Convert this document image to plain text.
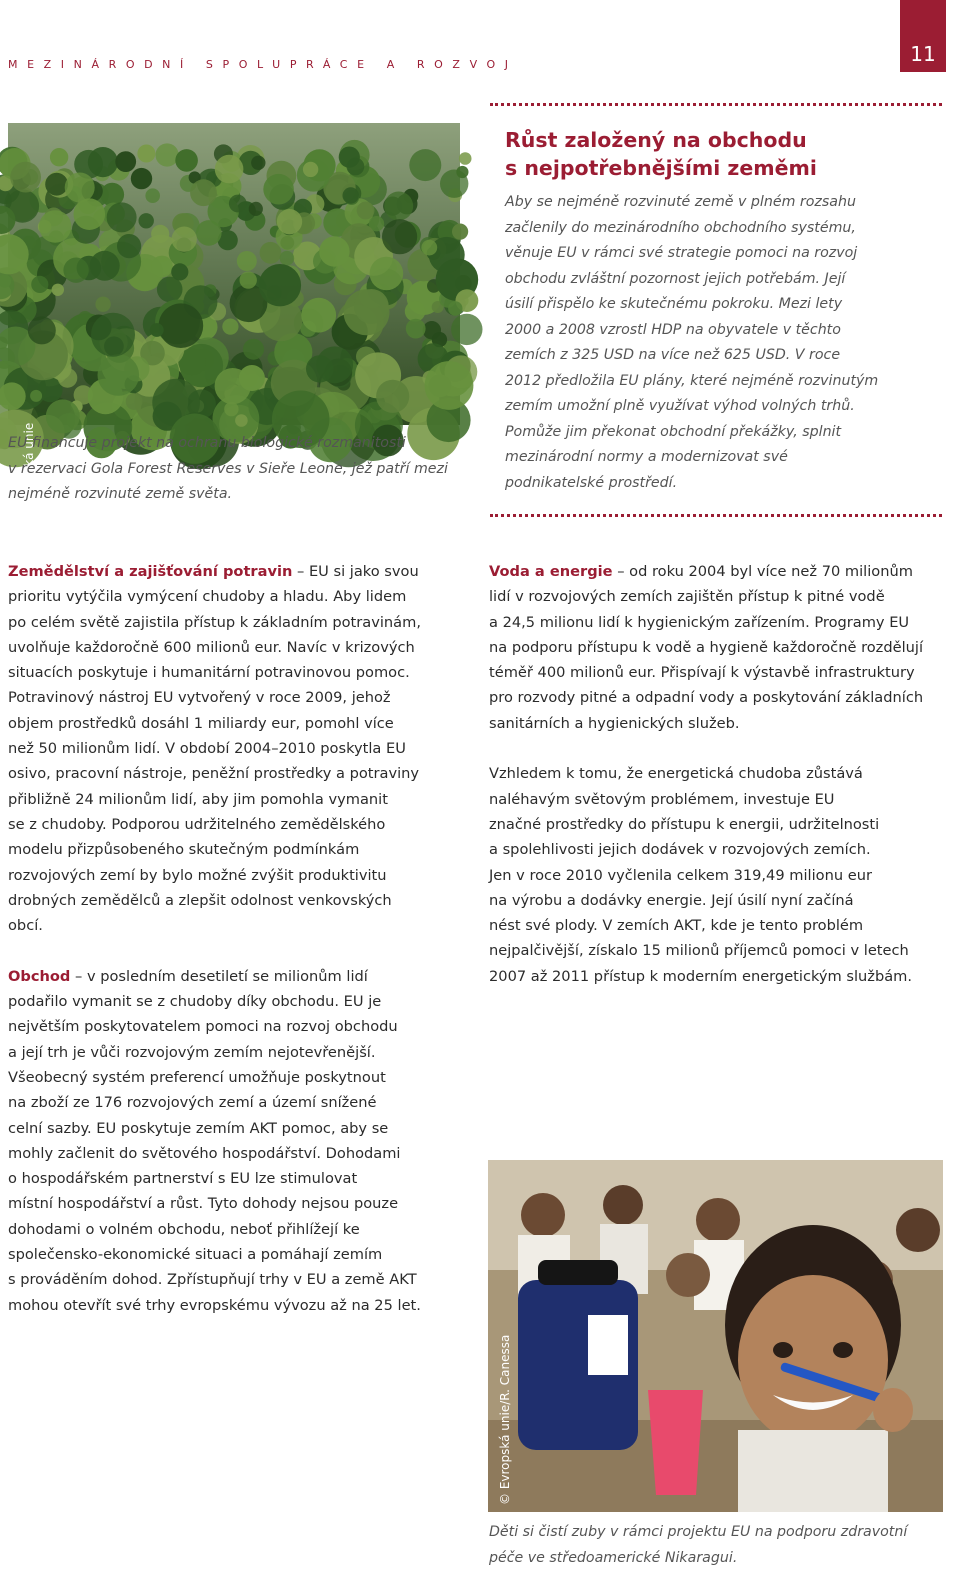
MEZINÁRODNÍ SPOLUPRÁCE A ROZVOJ	11
© Evropská unie
EU financuje projekt na ochranu biologické rozmanitosti
v rezervaci Gola Forest Reserves v Sieře Leone, jež patří mezi
nejméně rozvinuté země světa.
Růst založený na obchodu
s nejpotřebnějšími zeměmi
Aby se nejméně rozvinuté země v plném rozsahu
začlenily do mezinárodního obchodního systému,
věnuje EU v rámci své strategie pomoci na rozvoj
obchodu zvláštní pozornost jejich potřebám. Její
úsilí přispělo ke skutečnému pokroku. Mezi lety
2000 a 2008 vzrostl HDP na obyvatele v těchto
zemích z 325 USD na více než 625 USD. V roce
2012 předložila EU plány, které nejméně rozvinutým
zemím umožní plně využívat výhod volných trhů.
Pomůže jim překonat obchodní překážky, splnit
mezinárodní normy a modernizovat své
podnikatelské prostředí.
Zemědělství a zajišťování potravin – EU si jako svou
prioritu vytýčila vymýcení chudoby a hladu. Aby lidem
po celém světě zajistila přístup k základním potravinám,
uvolňuje každoročně 600 milionů eur. Navíc v krizových
situacích poskytuje i humanitární potravinovou pomoc.
Potravinový nástroj EU vytvořený v roce 2009, jehož
objem prostředků dosáhl 1 miliardy eur, pomohl více
než 50 milionům lidí. V období 2004–2010 poskytla EU
osivo, pracovní nástroje, peněžní prostředky a potraviny
přibližně 24 milionům lidí, aby jim pomohla vymanit
se z chudoby. Podporou udržitelného zemědělského
modelu přizpůsobeného skutečným podmínkám
rozvojových zemí by bylo možné zvýšit produktivitu
drobných zemědělců a zlepšit odolnost venkovských
obcí.
Obchod – v posledním desetiletí se milionům lidí
podařilo vymanit se z chudoby díky obchodu. EU je
největším poskytovatelem pomoci na rozvoj obchodu
a její trh je vůči rozvojovým zemím nejotevřenější.
Všeobecný systém preferencí umožňuje poskytnout
na zboží ze 176 rozvojových zemí a území snížené
celní sazby. EU poskytuje zemím AKT pomoc, aby se
mohly začlenit do světového hospodářství. Dohodami
o hospodářském partnerství s EU lze stimulovat
místní hospodářství a růst. Tyto dohody nejsou pouze
dohodami o volném obchodu, neboť přihlížejí ke
společensko-ekonomické situaci a pomáhají zemím
s prováděním dohod. Zpřístupňují trhy v EU a země AKT
mohou otevřít své trhy evropskému vývozu až na 25 let.
Voda a energie – od roku 2004 byl více než 70 milionům
lidí v rozvojových zemích zajištěn přístup k pitné vodě
a 24,5 milionu lidí k hygienickým zařízením. Programy EU
na podporu přístupu k vodě a hygieně každoročně rozdělují
téměř 400 milionů eur. Přispívají k výstavbě infrastruktury
pro rozvody pitné a odpadní vody a poskytování základních
sanitárních a hygienických služeb.
Vzhledem k tomu, že energetická chudoba zůstává
naléhavým světovým problémem, investuje EU
značné prostředky do přístupu k energii, udržitelnosti
a spolehlivosti jejich dodávek v rozvojových zemích.
Jen v roce 2010 vyčlenila celkem 319,49 milionu eur
na výrobu a dodávky energie. Její úsilí nyní začíná
nést své plody. V zemích AKT, kde je tento problém
nejpalčivější, získalo 15 milionů příjemců pomoci v letech
2007 až 2011 přístup k moderním energetickým službám.
© Evropská unie/R. Canessa
Děti si čistí zuby v rámci projektu EU na podporu zdravotní
péče ve středoamerické Nikaragui.
